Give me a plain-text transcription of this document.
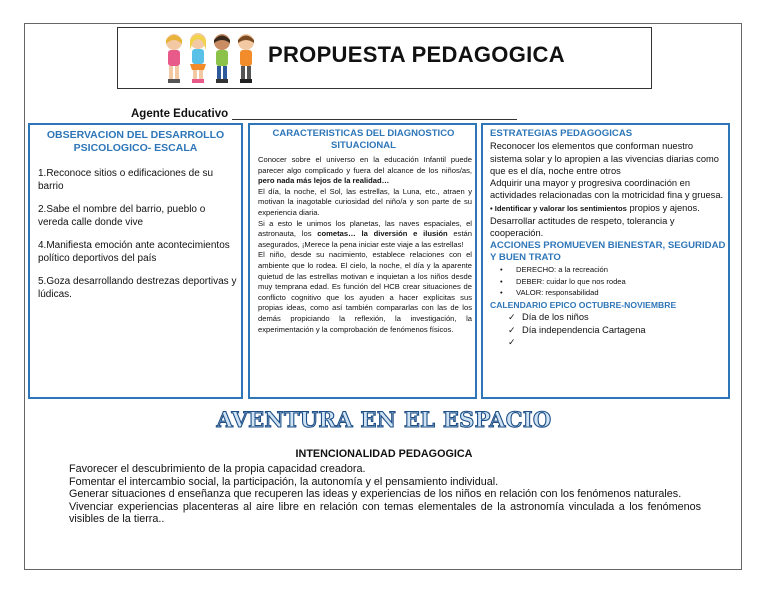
PROPUESTA PEDAGOGICA
Agente Educativo
OBSERVACION DEL DESARROLLO PSICOLOGICO- ESCALA

1.Reconoce sitios o edificaciones de su barrio

2.Sabe el nombre del barrio, pueblo o vereda calle donde vive

4.Manifiesta emoción ante acontecimientos político deportivos del país

5.Goza desarrollando destrezas deportivas y lúdicas.

CARACTERISTICAS DEL DIAGNOSTICO SITUACIONAL

Conocer sobre el universo en la educación Infantil puede parecer algo complicado y fuera del alcance de los niños/as, pero nada más lejos de la realidad…

El día, la noche, el Sol, las estrellas, la Luna, etc., atraen y motivan la inagotable curiosidad del niño/a y son parte de su experiencia diaria.

Si a esto le unimos los planetas, las naves espaciales, el astronauta, los cometas… la diversión e ilusión están asegurados, ¡Merece la pena iniciar este viaje a las estrellas!

El niño, desde su nacimiento, establece relaciones con el ambiente que lo rodea. El cielo, la noche, el día y la aparente quietud de las estrellas motivan e inquietan a los niños desde muy temprana edad. Es función del HCB crear situaciones de conflicto cognitivo que los ayuden a hacer explícitas sus propias ideas, como así también compararlas con las de los demás propiciando la reflexión, la investigación, la experimentación y la comprobación de fenómenos físicos.

ESTRATEGIAS PEDAGOGICAS

Reconocer los elementos que conforman nuestro sistema solar y lo apropien a las vivencias diarias como que es el día, noche entre otros

Adquirir una mayor y progresiva coordinación en actividades relacionadas con la motricidad fina y gruesa.

• Identificar y valorar los sentimientos propios y ajenos. Desarrollar actitudes de respeto, tolerancia y cooperación.

ACCIONES PROMUEVEN BIENESTAR, SEGURIDAD Y BUEN TRATO

• DERECHO: a la recreación
• DEBER: cuidar lo que nos rodea
• VALOR: responsabilidad

CALENDARIO EPICO OCTUBRE-NOVIEMBRE

✓ Día de los niños
✓ Día independencia Cartagena
✓
AVENTURA EN EL ESPACIO
INTENCIONALIDAD PEDAGOGICA

Favorecer el descubrimiento de la propia capacidad creadora.

Fomentar el intercambio social, la participación, la autonomía y el pensamiento individual.

Generar situaciones d enseñanza que recuperen las ideas y experiencias de los niños en relación con los fenómenos naturales.

Vivenciar experiencias placenteras al aire libre en relación con temas elementales de la astronomía vinculada a los fenómenos visibles de la tierra..
